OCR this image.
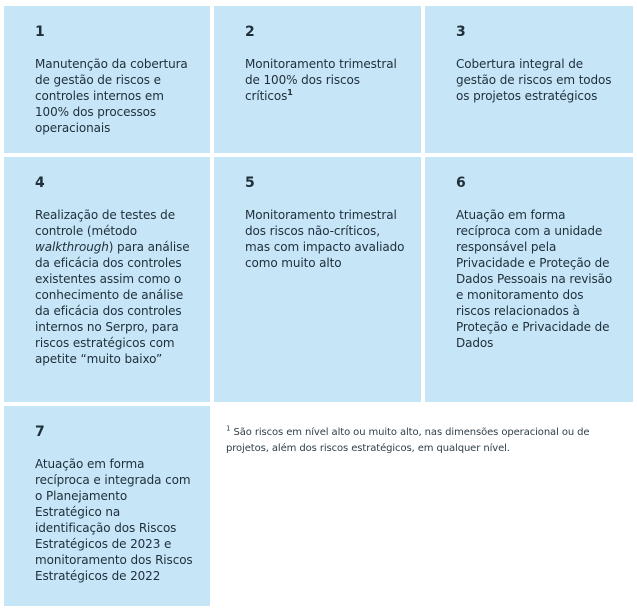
1
Manutenção da cobertura de gestão de riscos e controles internos em 100% dos processos operacionais
2
Monitoramento trimestral de 100% dos riscos críticos$^1$
3
Cobertura integral de gestão de riscos em todos os projetos estratégicos
4
Realização de testes de controle (método walkthrough) para análise da eficácia dos controles existentes assim como o conhecimento de análise da eficácia dos controles internos no Serpro, para riscos estratégicos com apetite “muito baixo”
5
Monitoramento trimestral dos riscos não-críticos, mas com impacto avaliado como muito alto
6
Atuação em forma recíproca com a unidade responsável pela Privacidade e Proteção de Dados Pessoais na revisão e monitoramento dos riscos relacionados à Proteção e Privacidade de Dados
7
Atuação em forma recíproca e integrada com o Planejamento Estratégico na identificação dos Riscos Estratégicos de 2023 e monitoramento dos Riscos Estratégicos de 2022
$^1$ São riscos em nível alto ou muito alto, nas dimensões operacional ou de projetos, além dos riscos estratégicos, em qualquer nível.
